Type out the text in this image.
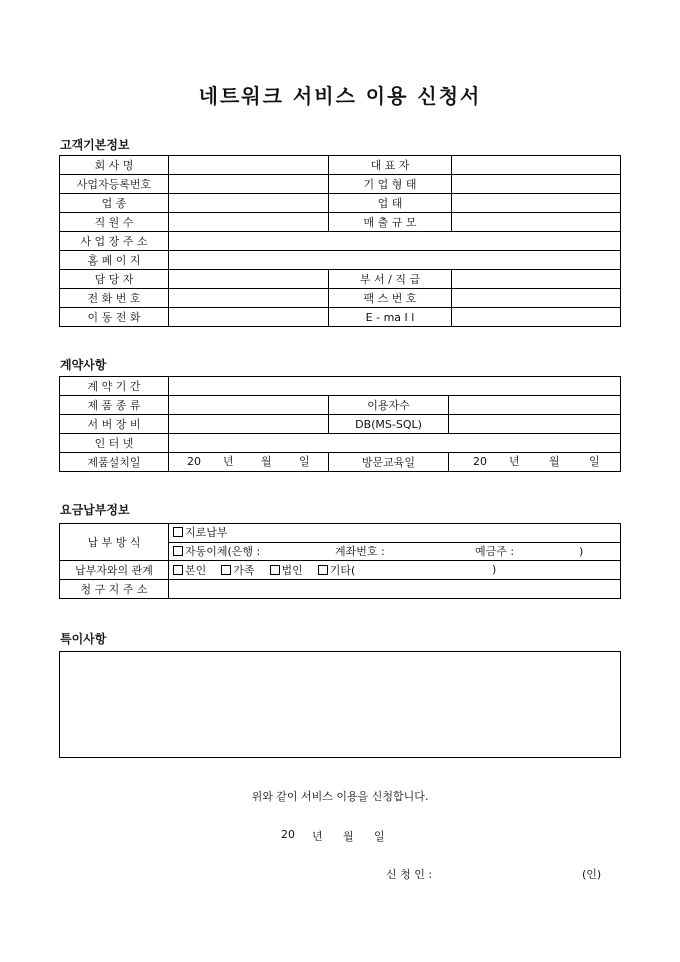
네트워크 서비스 이용 신청서
고객기본정보
회 사 명		대 표 자	
사업자등록번호		기 업 형 태	
업 종		업 태	
직 원 수		매 출 규 모	
사 업 장 주 소			
홈 페 이 지			
담 당 자		부 서 / 직 급	
전 화 번 호		팩 스 번 호	
이 동 전 화		E - ma I l	
계약사항
계 약 기 간			
제 품 종 류		이용자수	
서 버 장 비		DB(MS-SQL)	
인 터 넷			
제품설치일	20 년 월 일	방문교육일	20 년 월 일
요금납부정보
납 부 방 식	지로납부
	자동이체(은행 : 계좌번호 : 예금주 : )

납부자와의 관계	본인 가족 법인 기타( )

청 구 지 주 소	
특이사항
위와 같이 서비스 이용을 신청합니다.
20 년 월 일
신 청 인 :	(인)
